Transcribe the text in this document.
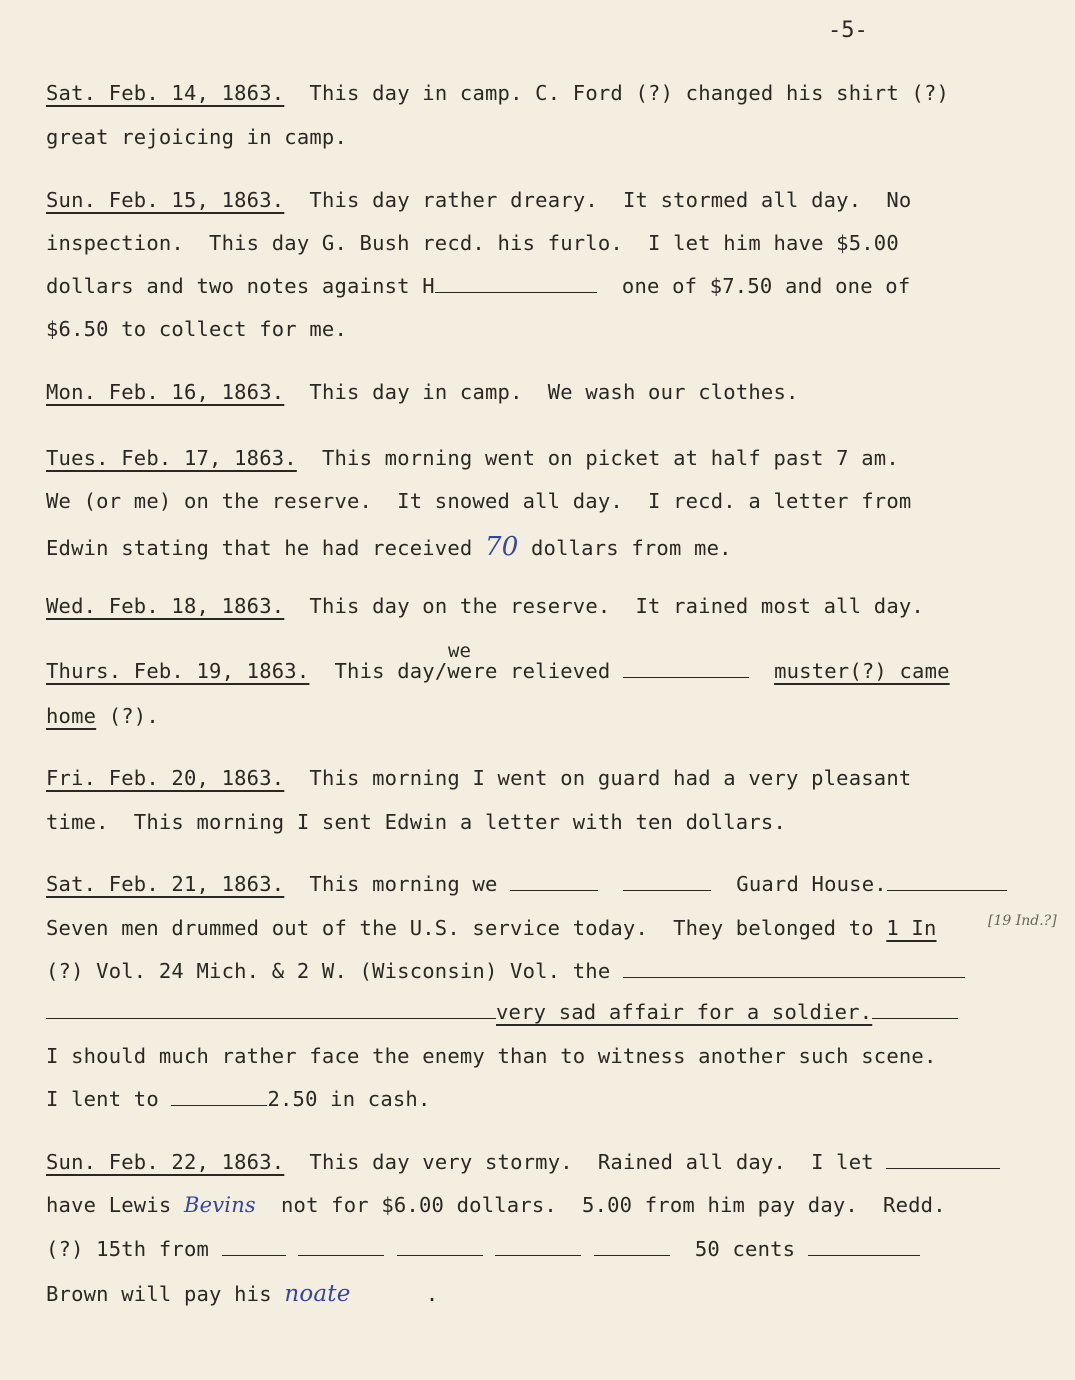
-5-
Sat. Feb. 14, 1863. This day in camp. C. Ford (?) changed his shirt (?)
great rejoicing in camp.
Sun. Feb. 15, 1863. This day rather dreary.  It stormed all day.  No
inspection.  This day G. Bush recd. his furlo.  I let him have $5.00
dollars and two notes against H	one of $7.50 and one of
$6.50 to collect for me.
Mon. Feb. 16, 1863. This day in camp.  We wash our clothes.
Tues. Feb. 17, 1863. This morning went on picket at half past 7 am.
We (or me) on the reserve.  It snowed all day.  I recd. a letter from
Edwin stating that he had received 70 dollars from me.
Wed. Feb. 18, 1863. This day on the reserve.  It rained most all day.
we
Thurs. Feb. 19, 1863. This day/were relieved	muster(?) came
home (?).
Fri. Feb. 20, 1863. This morning I went on guard had a very pleasant
time.  This morning I sent Edwin a letter with ten dollars.
Sat. Feb. 21, 1863. This morning we	Guard House.
Seven men drummed out of the U.S. service today.  They belonged to 1 In	[19 Ind.?]
(?) Vol. 24 Mich. & 2 W. (Wisconsin) Vol. the
very sad affair for a soldier.
I should much rather face the enemy than to witness another such scene.
I lent to	2.50 in cash.
Sun. Feb. 22, 1863. This day very stormy.  Rained all day.  I let
have Lewis Bevins not for $6.00 dollars.  5.00 from him pay day.  Redd.
(?) 15th from	50 cents
Brown will pay his noate	.
